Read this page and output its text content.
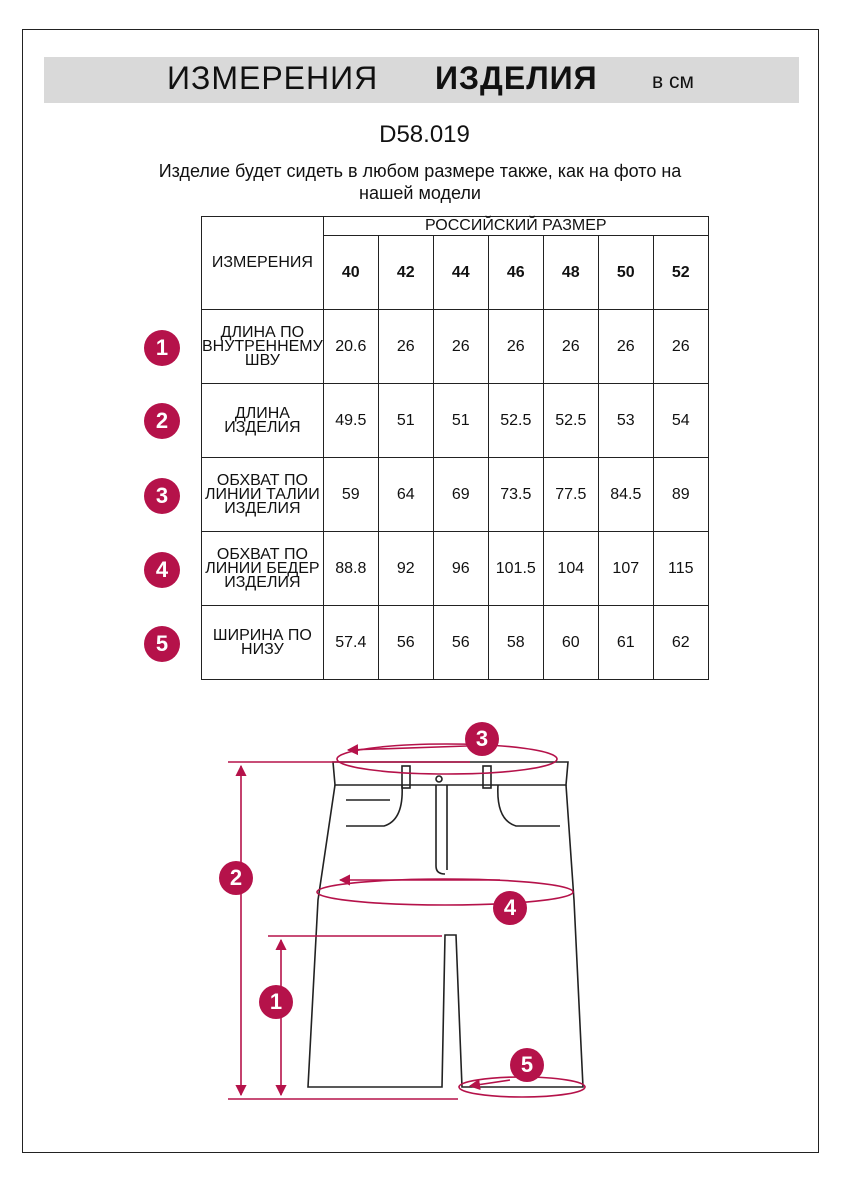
ИЗМЕРЕНИЯ ИЗДЕЛИЯ	в см
D58.019
Изделие будет сидеть в любом размере также, как на фото на нашей модели
ИЗМЕРЕНИЯ	РОССИЙСКИЙ РАЗМЕР						
	40	42	44	46	48	50	52
ДЛИНА ПО ВНУТРЕННЕМУ ШВУ	20.6	26	26	26	26	26	26
ДЛИНА ИЗДЕЛИЯ	49.5	51	51	52.5	52.5	53	54
ОБХВАТ ПО ЛИНИИ ТАЛИИ ИЗДЕЛИЯ	59	64	69	73.5	77.5	84.5	89
ОБХВАТ ПО ЛИНИИ БЕДЕР ИЗДЕЛИЯ	88.8	92	96	101.5	104	107	115
ШИРИНА ПО НИЗУ	57.4	56	56	58	60	61	62
1
2
3
4
5
3
2
4
1
5
